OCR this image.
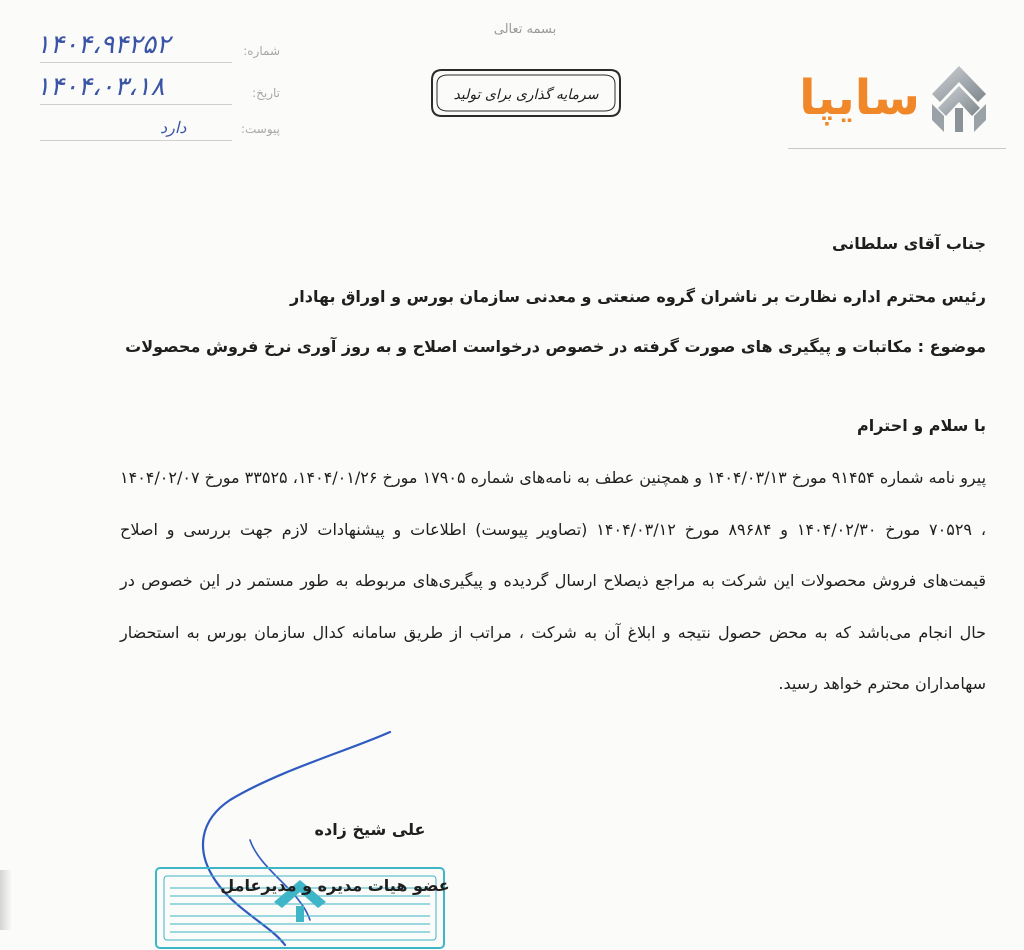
بسمه تعالی
سرمایه گذاری برای تولید	سایپا
شماره:
۱۴۰۴،۹۴۲۵۲
تاریخ:
۱۴۰۴،۰۳،۱۸
پیوست:
دارد
جناب آقای سلطانی
رئیس محترم اداره نظارت بر ناشران گروه صنعتی و معدنی سازمان بورس و اوراق بهادار
موضوع : مکاتبات و پیگیری های صورت گرفته در خصوص درخواست اصلاح و به روز آوری نرخ فروش محصولات
با سلام و احترام
پیرو نامه شماره ۹۱۴۵۴ مورخ ۱۴۰۴/۰۳/۱۳ و همچنین عطف به نامه‌های شماره ۱۷۹۰۵ مورخ ۱۴۰۴/۰۱/۲۶، ۳۳۵۲۵ مورخ ۱۴۰۴/۰۲/۰۷ ، ۷۰۵۲۹ مورخ ۱۴۰۴/۰۲/۳۰ و ۸۹۶۸۴ مورخ ۱۴۰۴/۰۳/۱۲ (تصاویر پیوست) اطلاعات و پیشنهادات لازم جهت بررسی و اصلاح قیمت‌های فروش محصولات این شرکت به مراجع ذیصلاح ارسال گردیده و پیگیری‌های مربوطه به طور مستمر در این خصوص در حال انجام می‌باشد که به محض حصول نتیجه و ابلاغ آن به شرکت ، مراتب از طریق سامانه کدال سازمان بورس به استحضار سهامداران محترم خواهد رسید.
علی شیخ زاده
عضو هیات مدیره و مدیرعامل
